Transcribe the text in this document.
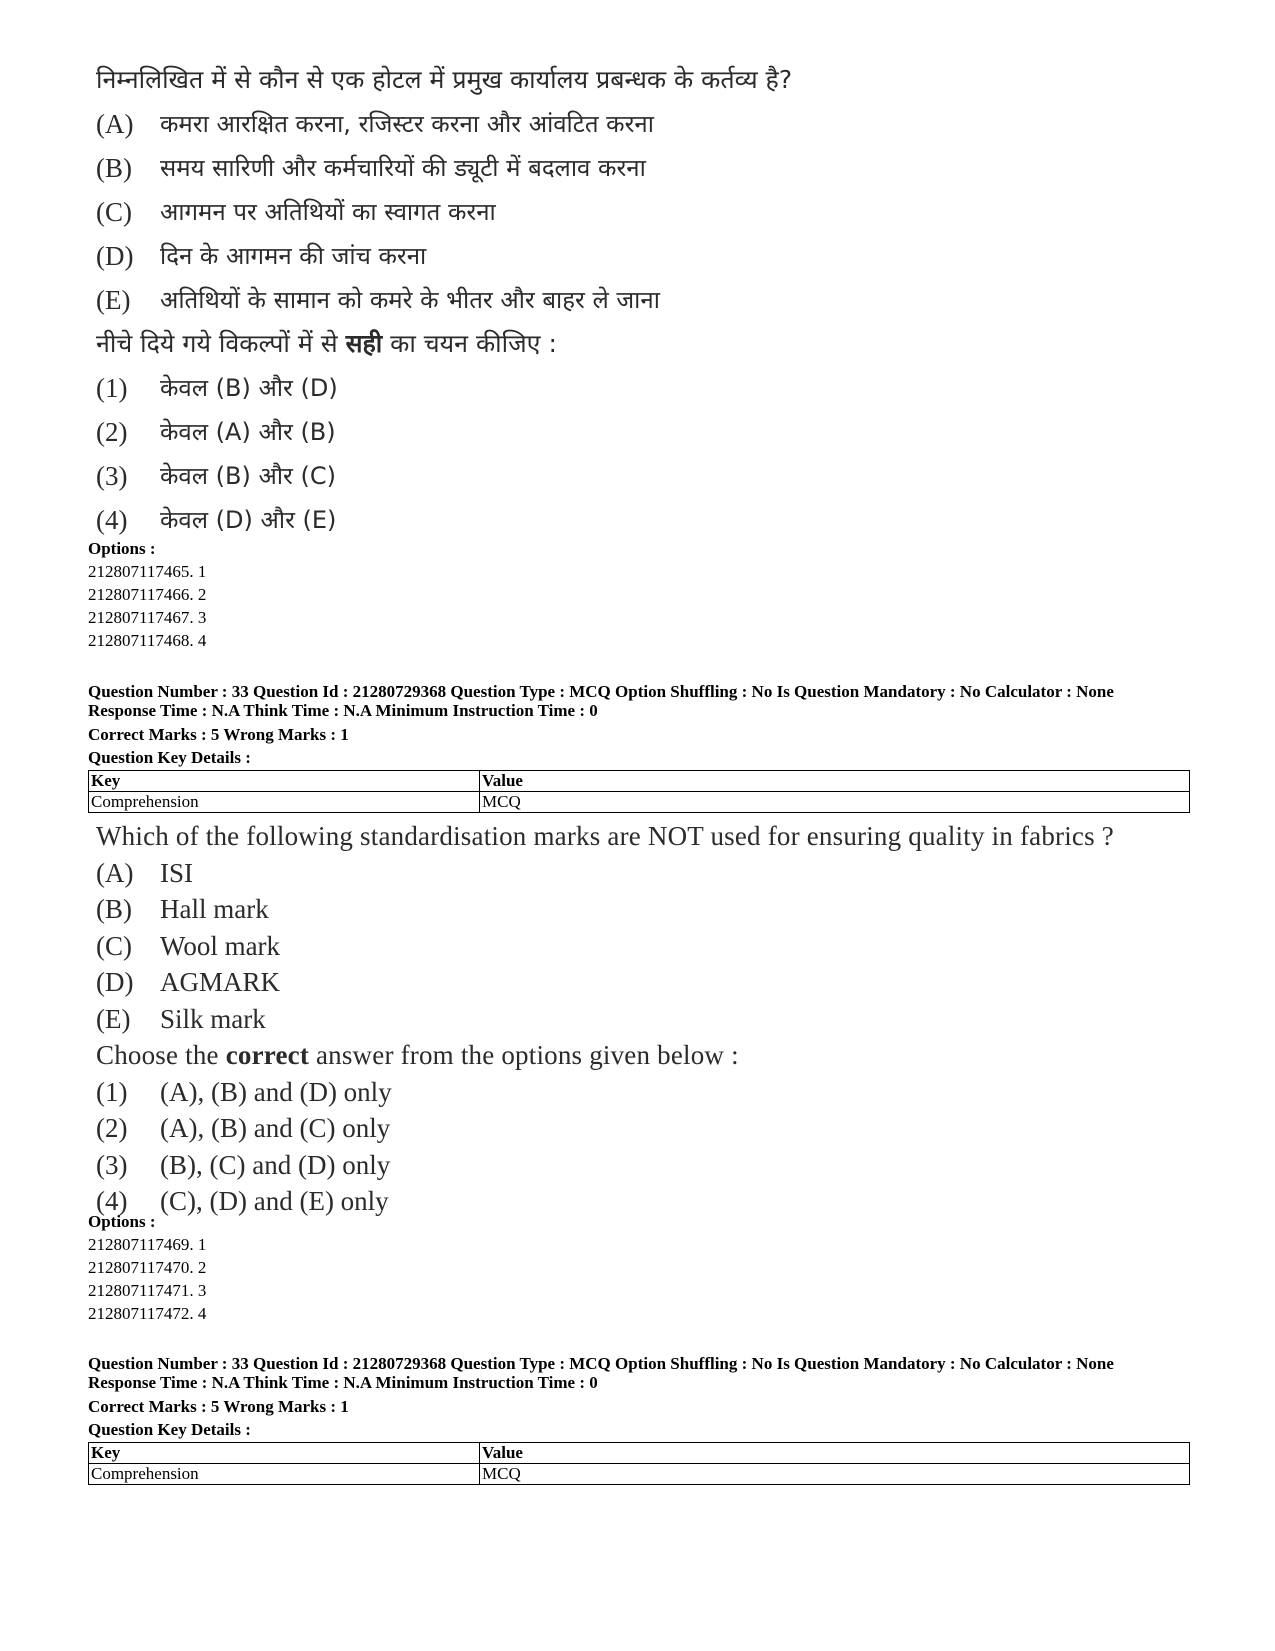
निम्नलिखित में से कौन से एक होटल में प्रमुख कार्यालय प्रबन्धक के कर्तव्य है?
(A) कमरा आरक्षित करना, रजिस्टर करना और आंवटित करना
(B) समय सारिणी और कर्मचारियों की ड्यूटी में बदलाव करना
(C) आगमन पर अतिथियों का स्वागत करना
(D) दिन के आगमन की जांच करना
(E) अतिथियों के सामान को कमरे के भीतर और बाहर ले जाना
नीचे दिये गये विकल्पों में से सही का चयन कीजिए :
(1) केवल (B) और (D)
(2) केवल (A) और (B)
(3) केवल (B) और (C)
(4) केवल (D) और (E)
Options :
212807117465. 1
212807117466. 2
212807117467. 3
212807117468. 4
Question Number : 33 Question Id : 21280729368 Question Type : MCQ Option Shuffling : No Is Question Mandatory : No Calculator : None
Response Time : N.A Think Time : N.A Minimum Instruction Time : 0
Correct Marks : 5 Wrong Marks : 1
Question Key Details :
Key	Value
Comprehension	MCQ
Which of the following standardisation marks are NOT used for ensuring quality in fabrics ?
(A) ISI
(B) Hall mark
(C) Wool mark
(D) AGMARK
(E) Silk mark
Choose the correct answer from the options given below :
(1) (A), (B) and (D) only
(2) (A), (B) and (C) only
(3) (B), (C) and (D) only
(4) (C), (D) and (E) only
Options :
212807117469. 1
212807117470. 2
212807117471. 3
212807117472. 4
Question Number : 33 Question Id : 21280729368 Question Type : MCQ Option Shuffling : No Is Question Mandatory : No Calculator : None
Response Time : N.A Think Time : N.A Minimum Instruction Time : 0
Correct Marks : 5 Wrong Marks : 1
Question Key Details :
Key	Value
Comprehension	MCQ
